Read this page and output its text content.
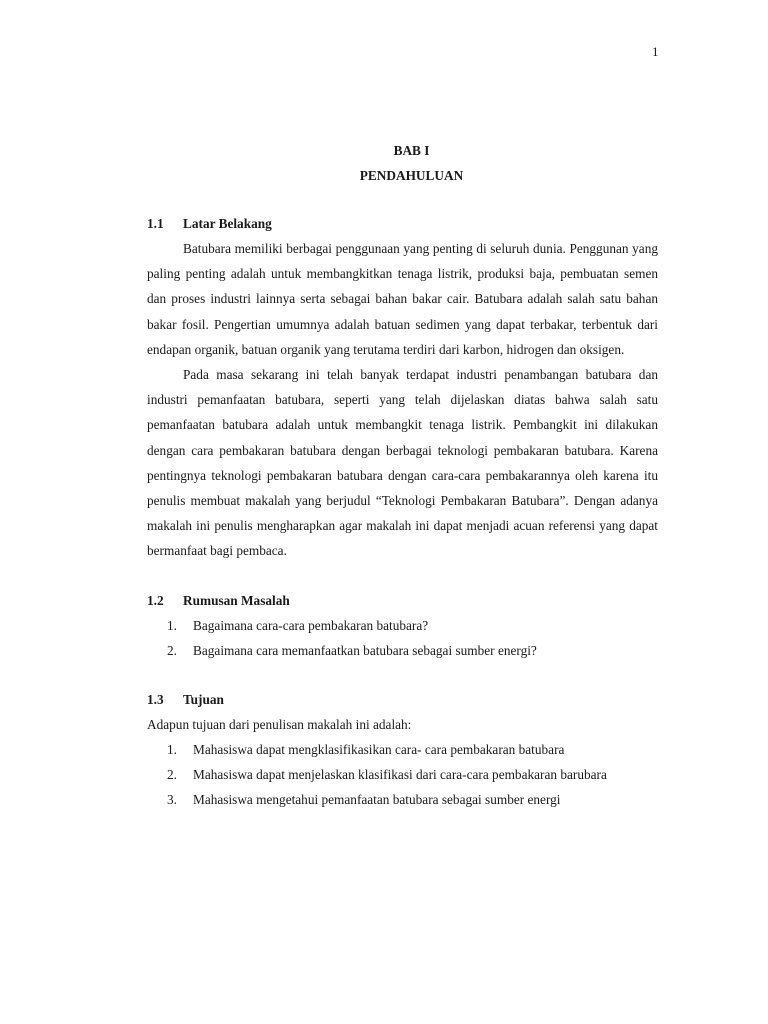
1
BAB I
PENDAHULUAN
1.1	Latar Belakang

Batubara memiliki berbagai penggunaan yang penting di seluruh dunia. Penggunan yang paling penting adalah untuk membangkitkan tenaga listrik, produksi baja, pembuatan semen dan proses industri lainnya serta sebagai bahan bakar cair. Batubara adalah salah satu bahan bakar fosil. Pengertian umumnya adalah batuan sedimen yang dapat terbakar, terbentuk dari endapan organik, batuan organik yang terutama terdiri dari karbon, hidrogen dan oksigen.

Pada masa sekarang ini telah banyak terdapat industri penambangan batubara dan industri pemanfaatan batubara, seperti yang telah dijelaskan diatas bahwa salah satu pemanfaatan batubara adalah untuk membangkit tenaga listrik. Pembangkit ini dilakukan dengan cara pembakaran batubara dengan berbagai teknologi pembakaran batubara. Karena pentingnya teknologi pembakaran batubara dengan cara-cara pembakarannya oleh karena itu penulis membuat makalah yang berjudul “Teknologi Pembakaran Batubara”. Dengan adanya makalah ini penulis mengharapkan agar makalah ini dapat menjadi acuan referensi yang dapat bermanfaat bagi pembaca.

1.2	Rumusan Masalah
1.	Bagaimana cara-cara pembakaran batubara?
2.	Bagaimana cara memanfaatkan batubara sebagai sumber energi?
1.3	Tujuan

Adapun tujuan dari penulisan makalah ini adalah:

1.	Mahasiswa dapat mengklasifikasikan cara- cara pembakaran batubara
2.	Mahasiswa dapat menjelaskan klasifikasi dari cara-cara pembakaran barubara
3.	Mahasiswa mengetahui pemanfaatan batubara sebagai sumber energi
